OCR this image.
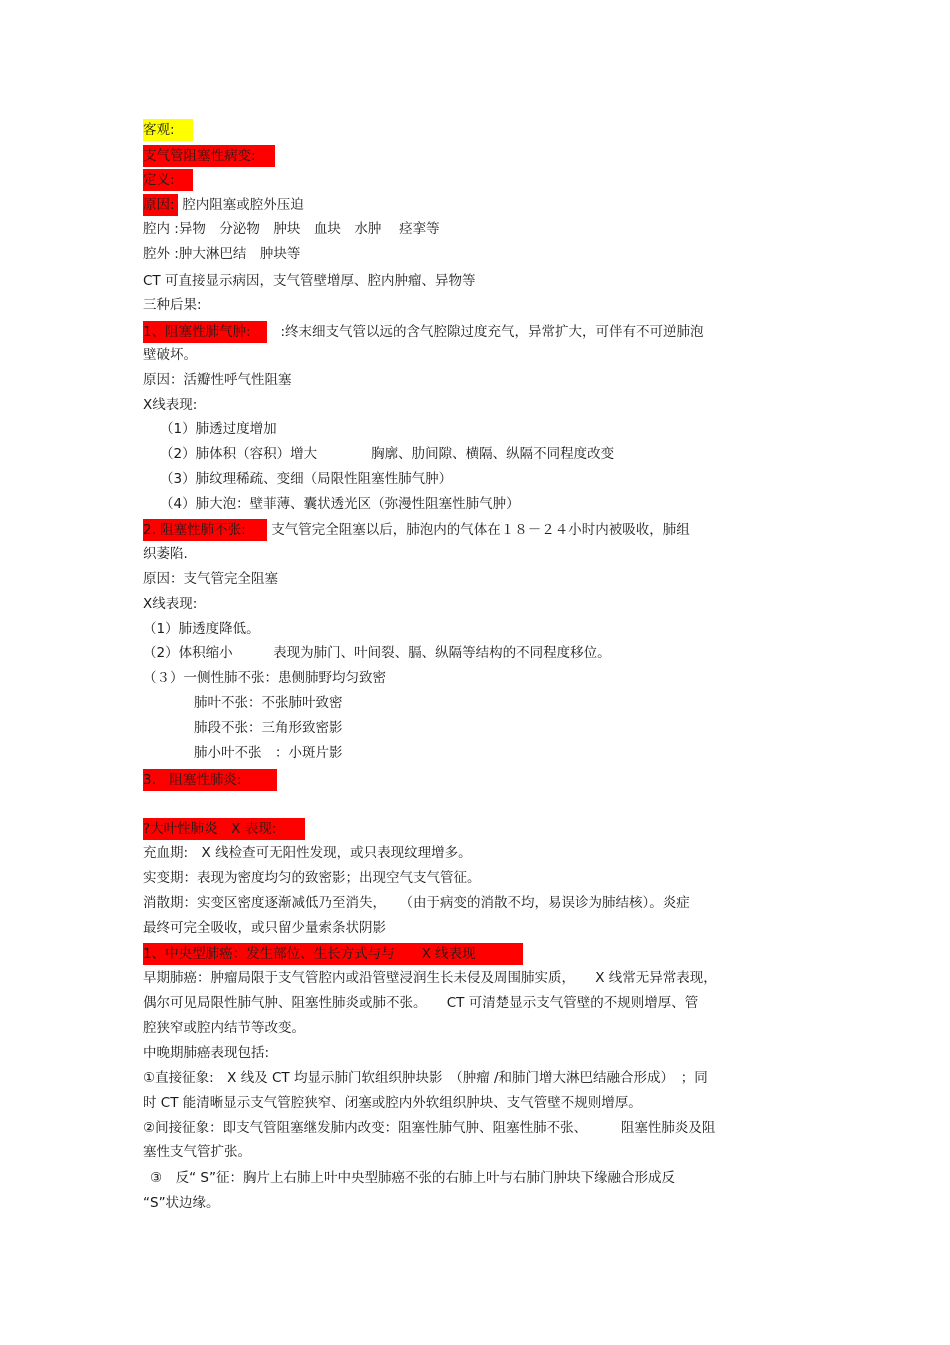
客观:
支气管阻塞性病变:
定义:
原因: 腔内阻塞或腔外压迫
腔内 :异物　分泌物　肿块　血块　水肿　 痉挛等
腔外 :肿大淋巴结　肿块等
CT 可直接显示病因，支气管壁增厚、腔内肿瘤、异物等
三种后果:
1、阻塞性肺气肿:　:终末细支气管以远的含气腔隙过度充气，异常扩大，可伴有不可逆肺泡
壁破坏。
原因：活瓣性呼气性阻塞
X线表现:
（1）肺透过度增加
（2）肺体积（容积）增大　　　　胸廓、肋间隙、横隔、纵隔不同程度改变
（3）肺纹理稀疏、变细（局限性阻塞性肺气肿）
（4）肺大泡：壁菲薄、囊状透光区（弥漫性阻塞性肺气肿）
2. 阻塞性肺不张: 支气管完全阻塞以后，肺泡内的气体在１８－２４小时内被吸收，肺组
织萎陷.
原因：支气管完全阻塞
X线表现:
（1）肺透度降低。
（2）体积缩小　　　表现为肺门、叶间裂、膈、纵隔等结构的不同程度移位。
（３）一侧性肺不张：患侧肺野均匀致密
肺叶不张：不张肺叶致密
肺段不张：三角形致密影
肺小叶不张　：小斑片影
3.　阻塞性肺炎:
?大叶性肺炎　X 表现:
充血期:　X 线检查可无阳性发现，或只表现纹理增多。
实变期：表现为密度均匀的致密影；出现空气支气管征。
消散期：实变区密度逐渐减低乃至消失，　　（由于病变的消散不均，易误诊为肺结核）。炎症
最终可完全吸收，或只留少量索条状阴影
1、中央型肺癌：发生部位、生长方式与与　　X 线表现
早期肺癌：肿瘤局限于支气管腔内或沿管壁浸润生长未侵及周围肺实质，　　X 线常无异常表现，
偶尔可见局限性肺气肿、阻塞性肺炎或肺不张。　　CT 可清楚显示支气管壁的不规则增厚、管
腔狭窄或腔内结节等改变。
中晚期肺癌表现包括:
①直接征象:　X 线及 CT 均显示肺门软组织肿块影　（肿瘤 /和肺门增大淋巴结融合形成）　；同
时 CT 能清晰显示支气管腔狭窄、闭塞或腔内外软组织肿块、支气管壁不规则增厚。
②间接征象：即支气管阻塞继发肺内改变：阻塞性肺气肿、阻塞性肺不张、　　　阻塞性肺炎及阻
塞性支气管扩张。
③　反“ S”征：胸片上右肺上叶中央型肺癌不张的右肺上叶与右肺门肿块下缘融合形成反
“S”状边缘。
